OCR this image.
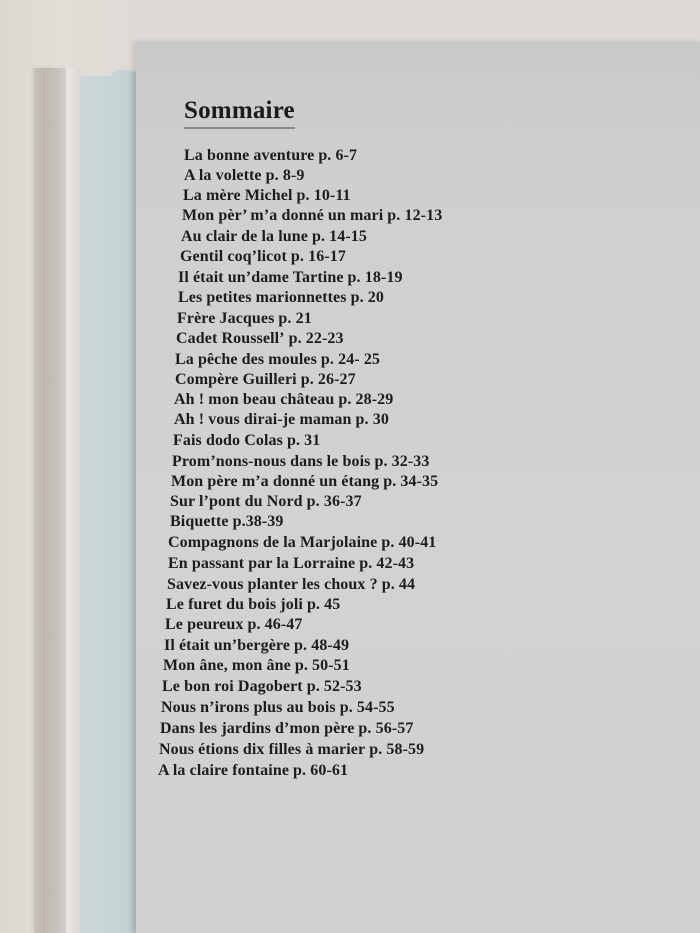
Sommaire
La bonne aventure p. 6-7
A la volette p. 8-9
La mère Michel p. 10-11
Mon pèr’ m’a donné un mari p. 12-13
Au clair de la lune p. 14-15
Gentil coq’licot p. 16-17
Il était un’dame Tartine p. 18-19
Les petites marionnettes p. 20
Frère Jacques p. 21
Cadet Roussell’ p. 22-23
La pêche des moules p. 24- 25
Compère Guilleri p. 26-27
Ah ! mon beau château p. 28-29
Ah ! vous dirai-je maman p. 30
Fais dodo Colas p. 31
Prom’nons-nous dans le bois p. 32-33
Mon père m’a donné un étang p. 34-35
Sur l’pont du Nord p. 36-37
Biquette p.38-39
Compagnons de la Marjolaine p. 40-41
En passant par la Lorraine p. 42-43
Savez-vous planter les choux ? p. 44
Le furet du bois joli p. 45
Le peureux p. 46-47
Il était un’bergère p. 48-49
Mon âne, mon âne p. 50-51
Le bon roi Dagobert p. 52-53
Nous n’irons plus au bois p. 54-55
Dans les jardins d’mon père p. 56-57
Nous étions dix filles à marier p. 58-59
A la claire fontaine p. 60-61
